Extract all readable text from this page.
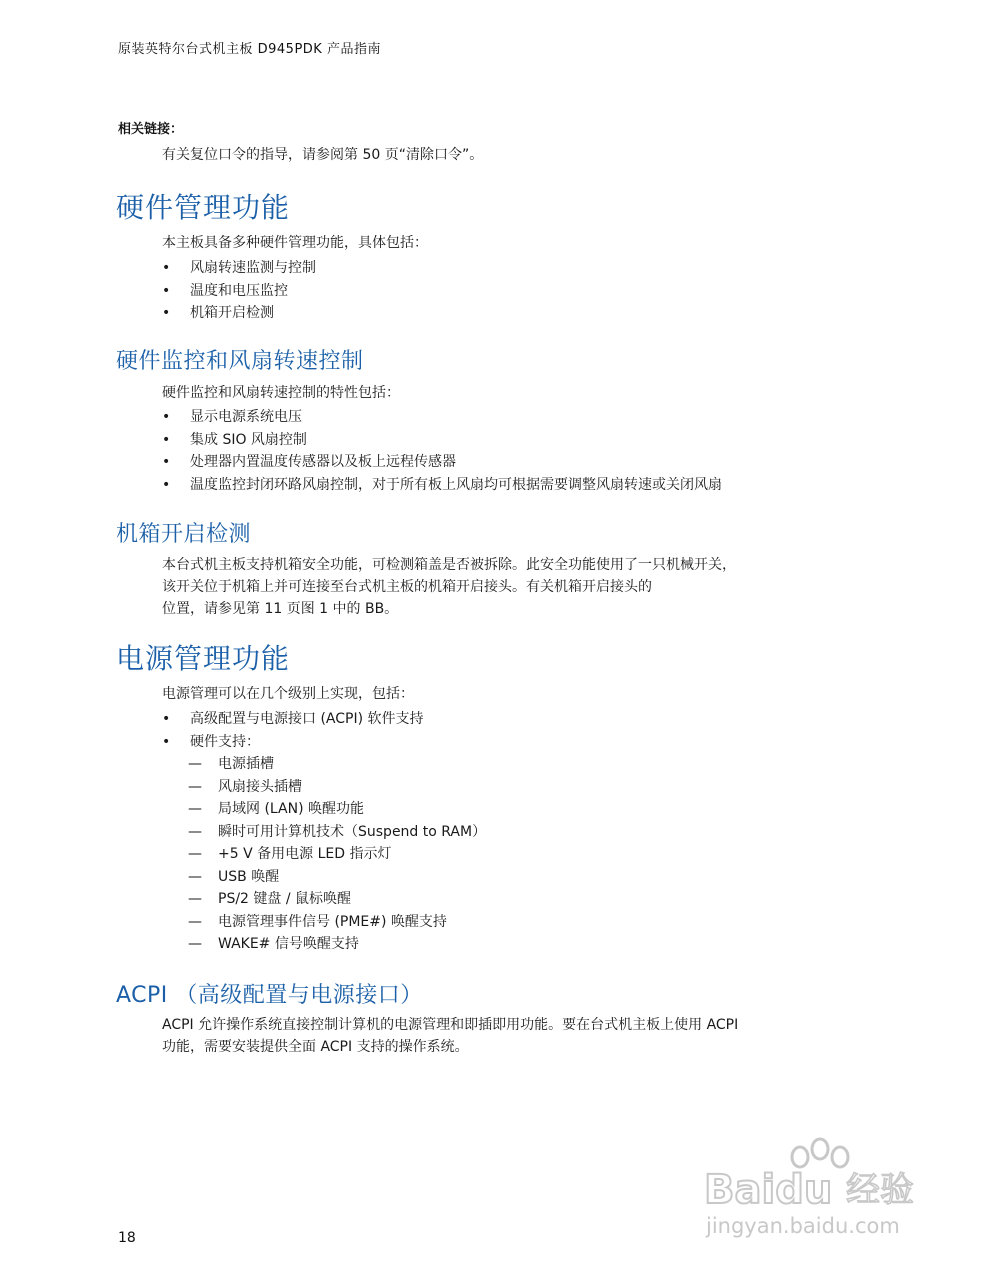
原装英特尔台式机主板 D945PDK 产品指南
相关链接：
有关复位口令的指导，请参阅第 50 页“清除口令”。
硬件管理功能
本主板具备多种硬件管理功能，具体包括：
• 风扇转速监测与控制
• 温度和电压监控
• 机箱开启检测
硬件监控和风扇转速控制
硬件监控和风扇转速控制的特性包括：
• 显示电源系统电压
• 集成 SIO 风扇控制
• 处理器内置温度传感器以及板上远程传感器
• 温度监控封闭环路风扇控制，对于所有板上风扇均可根据需要调整风扇转速或关闭风扇
机箱开启检测
本台式机主板支持机箱安全功能，可检测箱盖是否被拆除。此安全功能使用了一只机械开关，
该开关位于机箱上并可连接至台式机主板的机箱开启接头。有关机箱开启接头的
位置，请参见第 11 页图 1 中的 BB。
电源管理功能
电源管理可以在几个级别上实现，包括：
• 高级配置与电源接口 (ACPI) 软件支持
• 硬件支持：
— 电源插槽
— 风扇接头插槽
— 局域网 (LAN) 唤醒功能
— 瞬时可用计算机技术（Suspend to RAM）
— +5 V 备用电源 LED 指示灯
— USB 唤醒
— PS/2 键盘 / 鼠标唤醒
— 电源管理事件信号 (PME#) 唤醒支持
— WAKE# 信号唤醒支持
ACPI （高级配置与电源接口）
ACPI 允许操作系统直接控制计算机的电源管理和即插即用功能。要在台式机主板上使用 ACPI
功能，需要安装提供全面 ACPI 支持的操作系统。
18
Baidu 经验
jingyan.baidu.com
